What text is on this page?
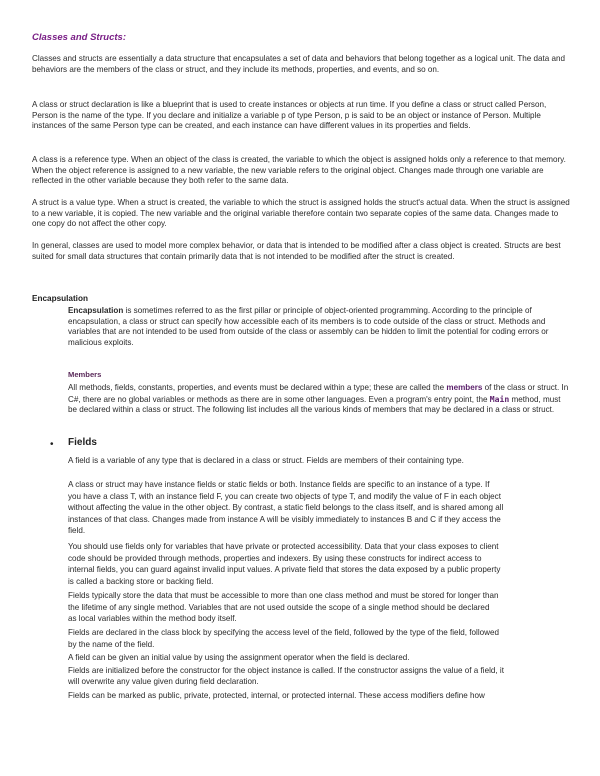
Classes and Structs:

Classes and structs are essentially a data structure that encapsulates a set of data and behaviors that belong together as a logical unit. The data and behaviors are the members of the class or struct, and they include its methods, properties, and events, and so on.

A class or struct declaration is like a blueprint that is used to create instances or objects at run time. If you define a class or struct called Person, Person is the name of the type. If you declare and initialize a variable p of type Person, p is said to be an object or instance of Person. Multiple instances of the same Person type can be created, and each instance can have different values in its properties and fields.

A class is a reference type. When an object of the class is created, the variable to which the object is assigned holds only a reference to that memory. When the object reference is assigned to a new variable, the new variable refers to the original object. Changes made through one variable are reflected in the other variable because they both refer to the same data.

A struct is a value type. When a struct is created, the variable to which the struct is assigned holds the struct's actual data. When the struct is assigned to a new variable, it is copied. The new variable and the original variable therefore contain two separate copies of the same data. Changes made to one copy do not affect the other copy.

In general, classes are used to model more complex behavior, or data that is intended to be modified after a class object is created. Structs are best suited for small data structures that contain primarily data that is not intended to be modified after the struct is created.

Encapsulation

Encapsulation is sometimes referred to as the first pillar or principle of object-oriented programming. According to the principle of encapsulation, a class or struct can specify how accessible each of its members is to code outside of the class or struct. Methods and variables that are not intended to be used from outside of the class or assembly can be hidden to limit the potential for coding errors or malicious exploits.

Members

All methods, fields, constants, properties, and events must be declared within a type; these are called the members of the class or struct. In C#, there are no global variables or methods as there are in some other languages. Even a program's entry point, the Main method, must be declared within a class or struct. The following list includes all the various kinds of members that may be declared in a class or struct.

• Fields

A field is a variable of any type that is declared in a class or struct. Fields are members of their containing type.

A class or struct may have instance fields or static fields or both. Instance fields are specific to an instance of a type. If

you have a class T, with an instance field F, you can create two objects of type T, and modify the value of F in each object

without affecting the value in the other object. By contrast, a static field belongs to the class itself, and is shared among all

instances of that class. Changes made from instance A will be visibly immediately to instances B and C if they access the

field.

You should use fields only for variables that have private or protected accessibility. Data that your class exposes to client

code should be provided through methods, properties and indexers. By using these constructs for indirect access to

internal fields, you can guard against invalid input values. A private field that stores the data exposed by a public property

is called a backing store or backing field.

Fields typically store the data that must be accessible to more than one class method and must be stored for longer than

the lifetime of any single method. Variables that are not used outside the scope of a single method should be declared

as local variables within the method body itself.

Fields are declared in the class block by specifying the access level of the field, followed by the type of the field, followed

by the name of the field.

A field can be given an initial value by using the assignment operator when the field is declared.

Fields are initialized before the constructor for the object instance is called. If the constructor assigns the value of a field, it

will overwrite any value given during field declaration.

Fields can be marked as public, private, protected, internal, or protected internal. These access modifiers define how
